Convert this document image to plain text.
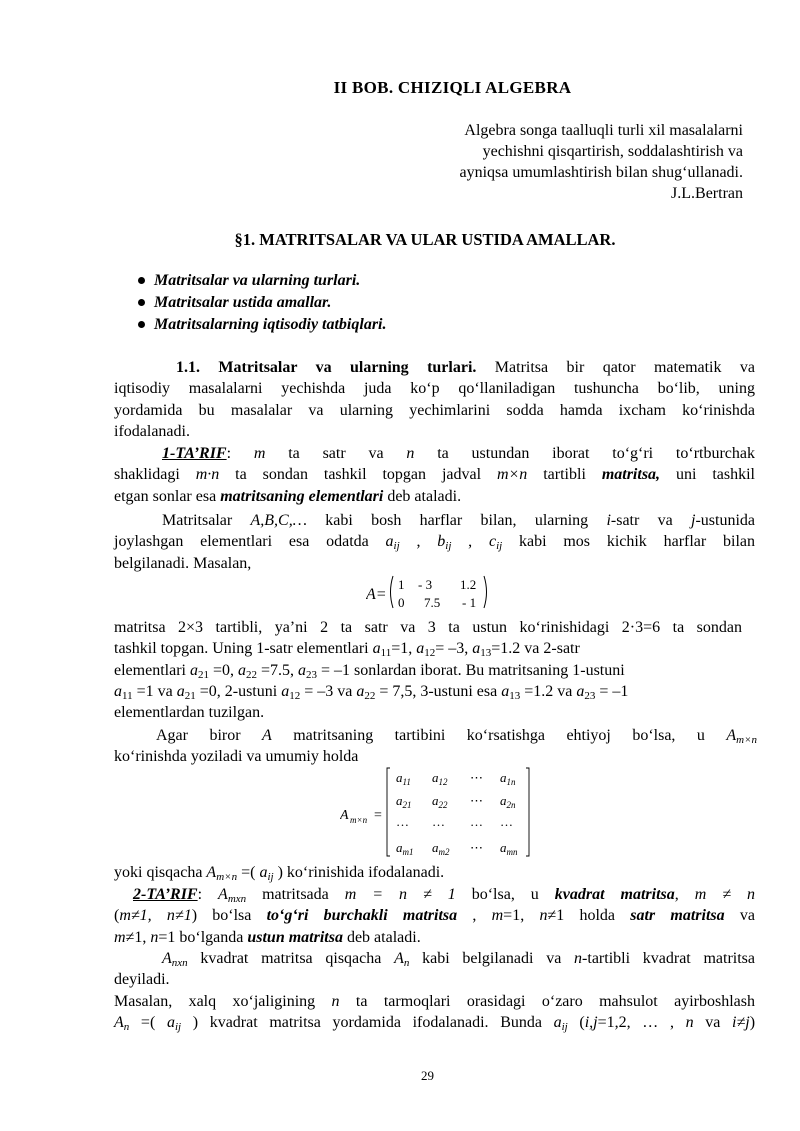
II BOB. CHIZIQLI ALGEBRA
Algebra songa taalluqli turli xil masalalarni
yechishni qisqartirish, soddalashtirish va
ayniqsa umumlashtirish bilan shug‘ullanadi.
J.L.Bertran
§1. MATRITSALAR VA ULAR USTIDA AMALLAR.
Matritsalar va ularning turlari.
Matritsalar ustida amallar.
Matritsalarning iqtisodiy tatbiqlari.
1.1. Matritsalar va ularning turlari. Matritsa bir qator matematik va
iqtisodiy masalalarni yechishda juda ko‘p qo‘llaniladigan tushuncha bo‘lib, uning
yordamida bu masalalar va ularning yechimlarini sodda hamda ixcham ko‘rinishda
ifodalanadi.
1-TA’RIF: m ta satr va n ta ustundan iborat to‘g‘ri to‘rtburchak
shaklidagi m·n ta sondan tashkil topgan jadval m×n tartibli matritsa, uni tashkil
etgan sonlar esa matritsaning elementlari deb ataladi.
Matritsalar A,B,C,… kabi bosh harflar bilan, ularning i-satr va j-ustunida
joylashgan elementlari esa odatda $a_{ij}$ , $b_{ij}$ , $c_{ij}$ kabi mos kichik harflar bilan
belgilanadi. Masalan,
A=
1 - 3 1.2
0 7.5 - 1
matritsa 2×3 tartibli, ya’ni 2 ta satr va 3 ta ustun ko‘rinishidagi 2·3=6 ta sondan
tashkil topgan. Uning 1-satr elementlari $a_{11}=1$, $a_{12}= -3$, $a_{13}=1.2$ va 2-satr
elementlari $a_{21} =0$, $a_{22} =7.5$, $a_{23} = -1$ sonlardan iborat. Bu matritsaning 1-ustuni
$a_{11} =1$ va $a_{21} =0$, 2-ustuni $a_{12} = -3$ va $a_{22} = 7,5$, 3-ustuni esa $a_{13} =1.2$ va $a_{23} = -1$
elementlardan tuzilgan.
Agar biror A matritsaning tartibini ko‘rsatishga ehtiyoj bo‘lsa, u $A_{m\times n}$
ko‘rinishda yoziladi va umumiy holda
A m×n =
$a_{11}$ $a_{12}$ ⋯ $a_{1n}$
$a_{21}$ $a_{22}$ ⋯ $a_{2n}$
… … … …
$a_{m1}$ $a_{m2}$ ⋯ $a_{mn}$
yoki qisqacha $A_{m\times n}$ =( $a_{ij}$ ) ko‘rinishida ifodalanadi.
2-TA’RIF: $A_{mxn}$ matritsada m = n ≠ 1 bo‘lsa, u kvadrat matritsa, m ≠ n
(m≠1, n≠1) bo‘lsa to‘g‘ri burchakli matritsa , m=1, n≠1 holda satr matritsa va
m≠1, n=1 bo‘lganda ustun matritsa deb ataladi.
$A_{nxn}$ kvadrat matritsa qisqacha $A_n$ kabi belgilanadi va n-tartibli kvadrat matritsa
deyiladi.
Masalan, xalq xo‘jaligining n ta tarmoqlari orasidagi o‘zaro mahsulot ayirboshlash
$A_n$ =( $a_{ij}$ ) kvadrat matritsa yordamida ifodalanadi. Bunda $a_{ij}$ (i,j=1,2, … , n va i≠j)
29
